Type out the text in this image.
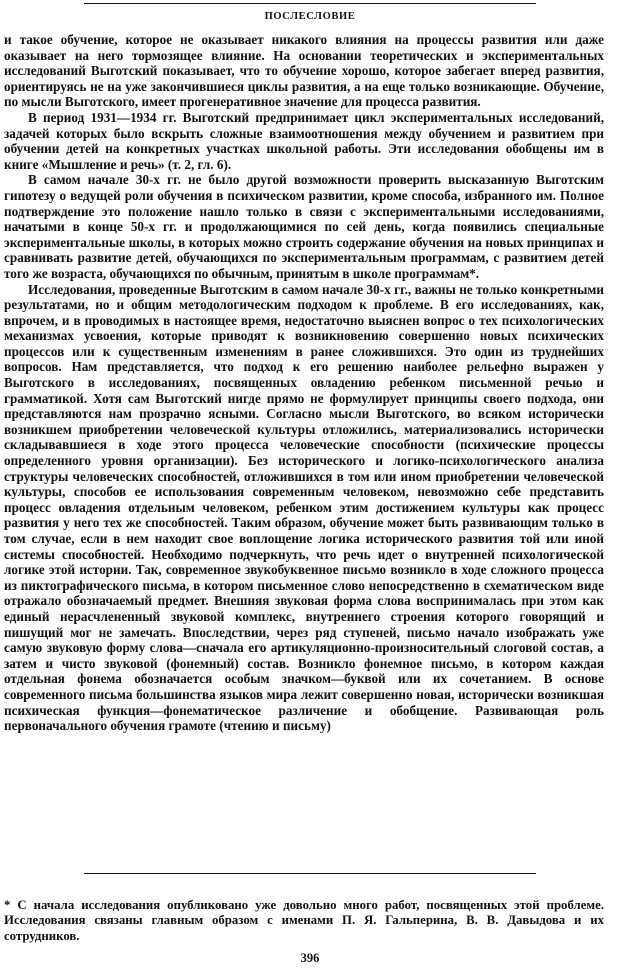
ПОСЛЕСЛОВИЕ

и такое обучение, которое не оказывает никакого влияния на процессы развития или даже оказывает на него тормозящее влияние. На основании теоретических и экспериментальных исследований Выготский показывает, что то обучение хорошо, которое забегает вперед развития, ориентируясь не на уже закончившиеся циклы развития, а на еще только возникающие. Обучение, по мысли Выготского, имеет прогенеративное значение для процесса развития.

В период 1931—1934 гг. Выготский предпринимает цикл экспериментальных исследований, задачей которых было вскрыть сложные взаимоотношения между обучением и развитием при обучении детей на конкретных участках школьной работы. Эти исследования обобщены им в книге «Мышление и речь» (т. 2, гл. 6).

В самом начале 30-х гг. не было другой возможности проверить высказанную Выготским гипотезу о ведущей роли обучения в психическом развитии, кроме способа, избранного им. Полное подтверждение это положение нашло только в связи с экспериментальными исследованиями, начатыми в конце 50-х гг. и продолжающимися по сей день, когда появились специальные экспериментальные школы, в которых можно строить содержание обучения на новых принципах и сравнивать развитие детей, обучающихся по экспериментальным программам, с развитием детей того же возраста, обучающихся по обычным, принятым в школе программам*.

Исследования, проведенные Выготским в самом начале 30-х гг., важны не только конкретными результатами, но и общим методологическим подходом к проблеме. В его исследованиях, как, впрочем, и в проводимых в настоящее время, недостаточно выяснен вопрос о тех психологических механизмах усвоения, которые приводят к возникновению совершенно новых психических процессов или к существенным изменениям в ранее сложившихся. Это один из труднейших вопросов. Нам представляется, что подход к его решению наиболее рельефно выражен у Выготского в исследованиях, посвященных овладению ребенком письменной речью и грамматикой. Хотя сам Выготский нигде прямо не формулирует принципы своего подхода, они представляются нам прозрачно ясными. Согласно мысли Выготского, во всяком исторически возникшем приобретении человеческой культуры отложились, материализовались исторически складывавшиеся в ходе этого процесса человеческие способности (психические процессы определенного уровня организации). Без исторического и логико-психологического анализа структуры человеческих способностей, отложившихся в том или ином приобретении человеческой культуры, способов ее использования современным человеком, невозможно себе представить процесс овладения отдельным человеком, ребенком этим достижением культуры как процесс развития у него тех же способностей. Таким образом, обучение может быть развивающим только в том случае, если в нем находит свое воплощение логика исторического развития той или иной системы способностей. Необходимо подчеркнуть, что речь идет о внутренней психологической логике этой истории. Так, современное звукобуквенное письмо возникло в ходе сложного процесса из пиктографического письма, в котором письменное слово непосредственно в схематическом виде отражало обозначаемый предмет. Внешняя звуковая форма слова воспринималась при этом как единый нерасчлененный звуковой комплекс, внутреннего строения которого говорящий и пишущий мог не замечать. Впоследствии, через ряд ступеней, письмо начало изображать уже самую звуковую форму слова—сначала его артикуляционно-произносительный слоговой состав, а затем и чисто звуковой (фонемный) состав. Возникло фонемное письмо, в котором каждая отдельная фонема обозначается особым значком—буквой или их сочетанием. В основе современного письма большинства языков мира лежит совершенно новая, исторически возникшая психическая функция—фонематическое различение и обобщение. Развивающая роль первоначального обучения грамоте (чтению и письму)

* С начала исследования опубликовано уже довольно много работ, посвященных этой проблеме. Исследования связаны главным образом с именами П. Я. Гальперина, В. В. Давыдова и их сотрудников.

396
